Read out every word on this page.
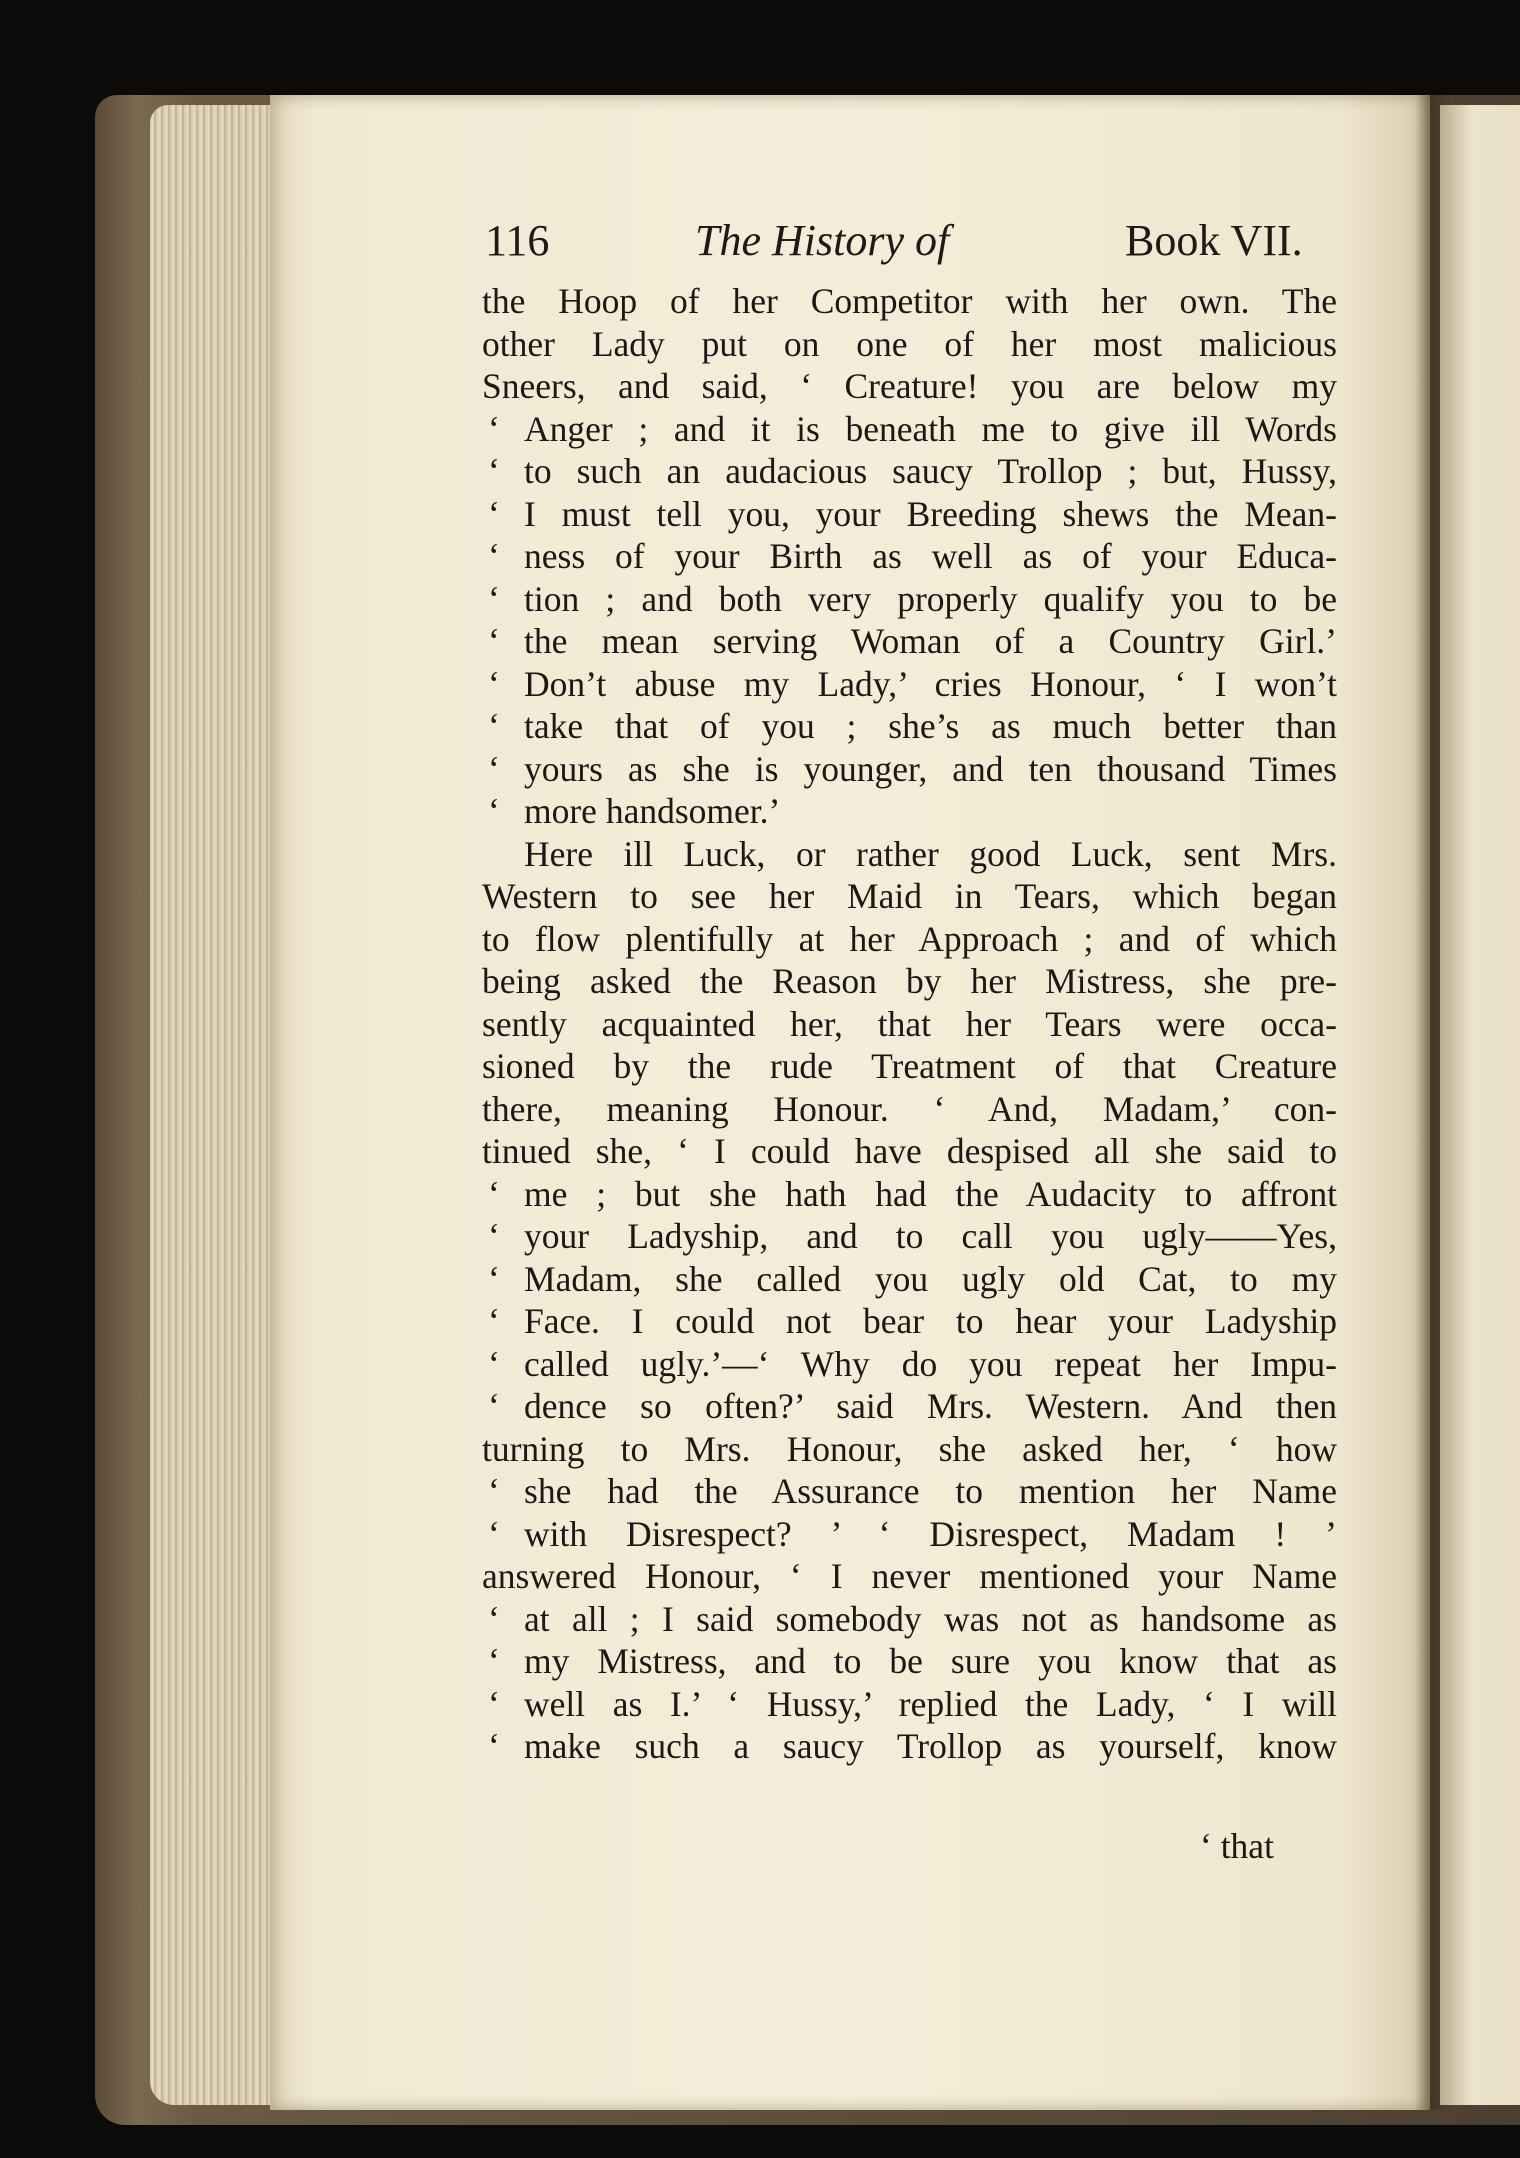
116	The History of	Book VII.
the Hoop of her Competitor with her own. The
other Lady put on one of her most malicious
Sneers, and said, ‘ Creature! you are below my
‘ Anger ; and it is beneath me to give ill Words
‘ to such an audacious saucy Trollop ; but, Hussy,
‘ I must tell you, your Breeding shews the Mean-
‘ ness of your Birth as well as of your Educa-
‘ tion ; and both very properly qualify you to be
‘ the mean serving Woman of a Country Girl.’
‘ Don’t abuse my Lady,’ cries Honour, ‘ I won’t
‘ take that of you ; she’s as much better than
‘ yours as she is younger, and ten thousand Times
‘ more handsomer.’
Here ill Luck, or rather good Luck, sent Mrs.
Western to see her Maid in Tears, which began
to flow plentifully at her Approach ; and of which
being asked the Reason by her Mistress, she pre-
sently acquainted her, that her Tears were occa-
sioned by the rude Treatment of that Creature
there, meaning Honour. ‘ And, Madam,’ con-
tinued she, ‘ I could have despised all she said to
‘ me ; but she hath had the Audacity to affront
‘ your Ladyship, and to call you ugly——Yes,
‘ Madam, she called you ugly old Cat, to my
‘ Face. I could not bear to hear your Ladyship
‘ called ugly.’—‘ Why do you repeat her Impu-
‘ dence so often?’ said Mrs. Western. And then
turning to Mrs. Honour, she asked her, ‘ how
‘ she had the Assurance to mention her Name
‘ with Disrespect? ’ ‘ Disrespect, Madam ! ’
answered Honour, ‘ I never mentioned your Name
‘ at all ; I said somebody was not as handsome as
‘ my Mistress, and to be sure you know that as
‘ well as I.’ ‘ Hussy,’ replied the Lady, ‘ I will
‘ make such a saucy Trollop as yourself, know
‘ that
